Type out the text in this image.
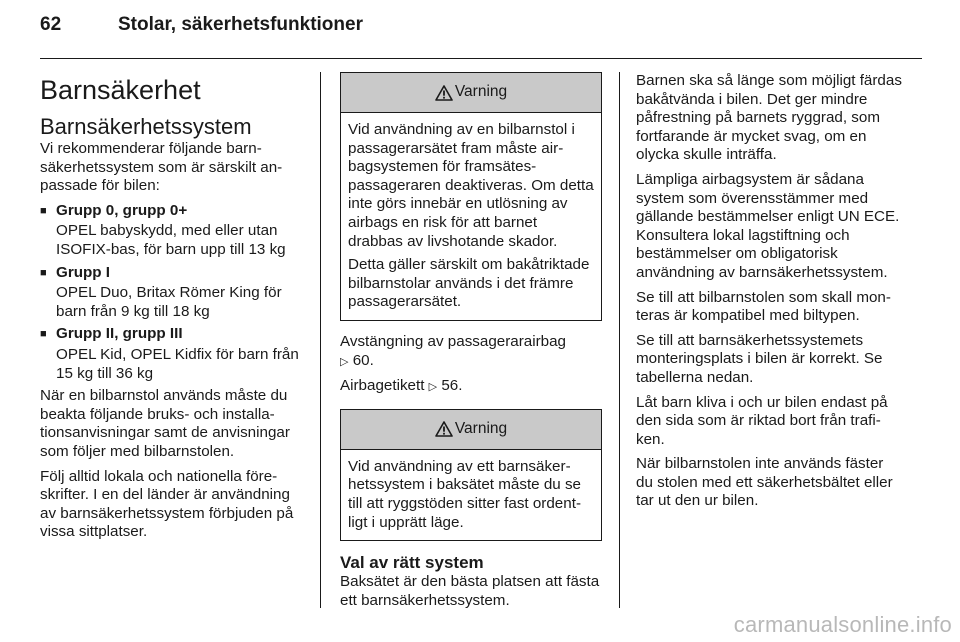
62	Stolar, säkerhetsfunktioner
Barnsäkerhet
Barnsäkerhetssystem

Vi rekommenderar följande barnsäkerhetssystem som är särskilt anpassade för bilen:

■ Grupp 0, grupp 0+
OPEL babyskydd, med eller utan ISOFIX-bas, för barn upp till 13 kg
■ Grupp I
OPEL Duo, Britax Römer King för barn från 9 kg till 18 kg
■ Grupp II, grupp III
OPEL Kid, OPEL Kidfix för barn från 15 kg till 36 kg

När en bilbarnstol används måste du beakta följande bruks- och installationsanvisningar samt de anvisningar som följer med bilbarnstolen.

Följ alltid lokala och nationella föreskrifter. I en del länder är användning av barnsäkerhetssystem förbjuden på vissa sittplatser.

Varning

Vid användning av en bilbarnstol i passagerarsätet fram måste airbagsystemen för framsätespassageraren deaktiveras. Om detta inte görs innebär en utlösning av airbags en risk för att barnet drabbas av livshotande skador.

Detta gäller särskilt om bakåtriktade bilbarnstolar används i det främre passagerarsätet.

Avstängning av passagerarairbag
▷ 60.

Airbagetikett ▷ 56.

Varning

Vid användning av ett barnsäkerhetssystem i baksätet måste du se till att ryggstöden sitter fast ordentligt i upprätt läge.

Val av rätt system

Baksätet är den bästa platsen att fästa ett barnsäkerhetssystem.

Barnen ska så länge som möjligt färdas bakåtvända i bilen. Det ger mindre påfrestning på barnets ryggrad, som fortfarande är mycket svag, om en olycka skulle inträffa.

Lämpliga airbagsystem är sådana system som överensstämmer med gällande bestämmelser enligt UN ECE. Konsultera lokal lagstiftning och bestämmelser om obligatorisk användning av barnsäkerhetssystem.

Se till att bilbarnstolen som skall monteras är kompatibel med biltypen.

Se till att barnsäkerhetssystemets monteringsplats i bilen är korrekt. Se tabellerna nedan.

Låt barn kliva i och ur bilen endast på den sida som är riktad bort från trafiken.

När bilbarnstolen inte används fäster du stolen med ett säkerhetsbältet eller tar ut den ur bilen.

carmanualsonline.info
